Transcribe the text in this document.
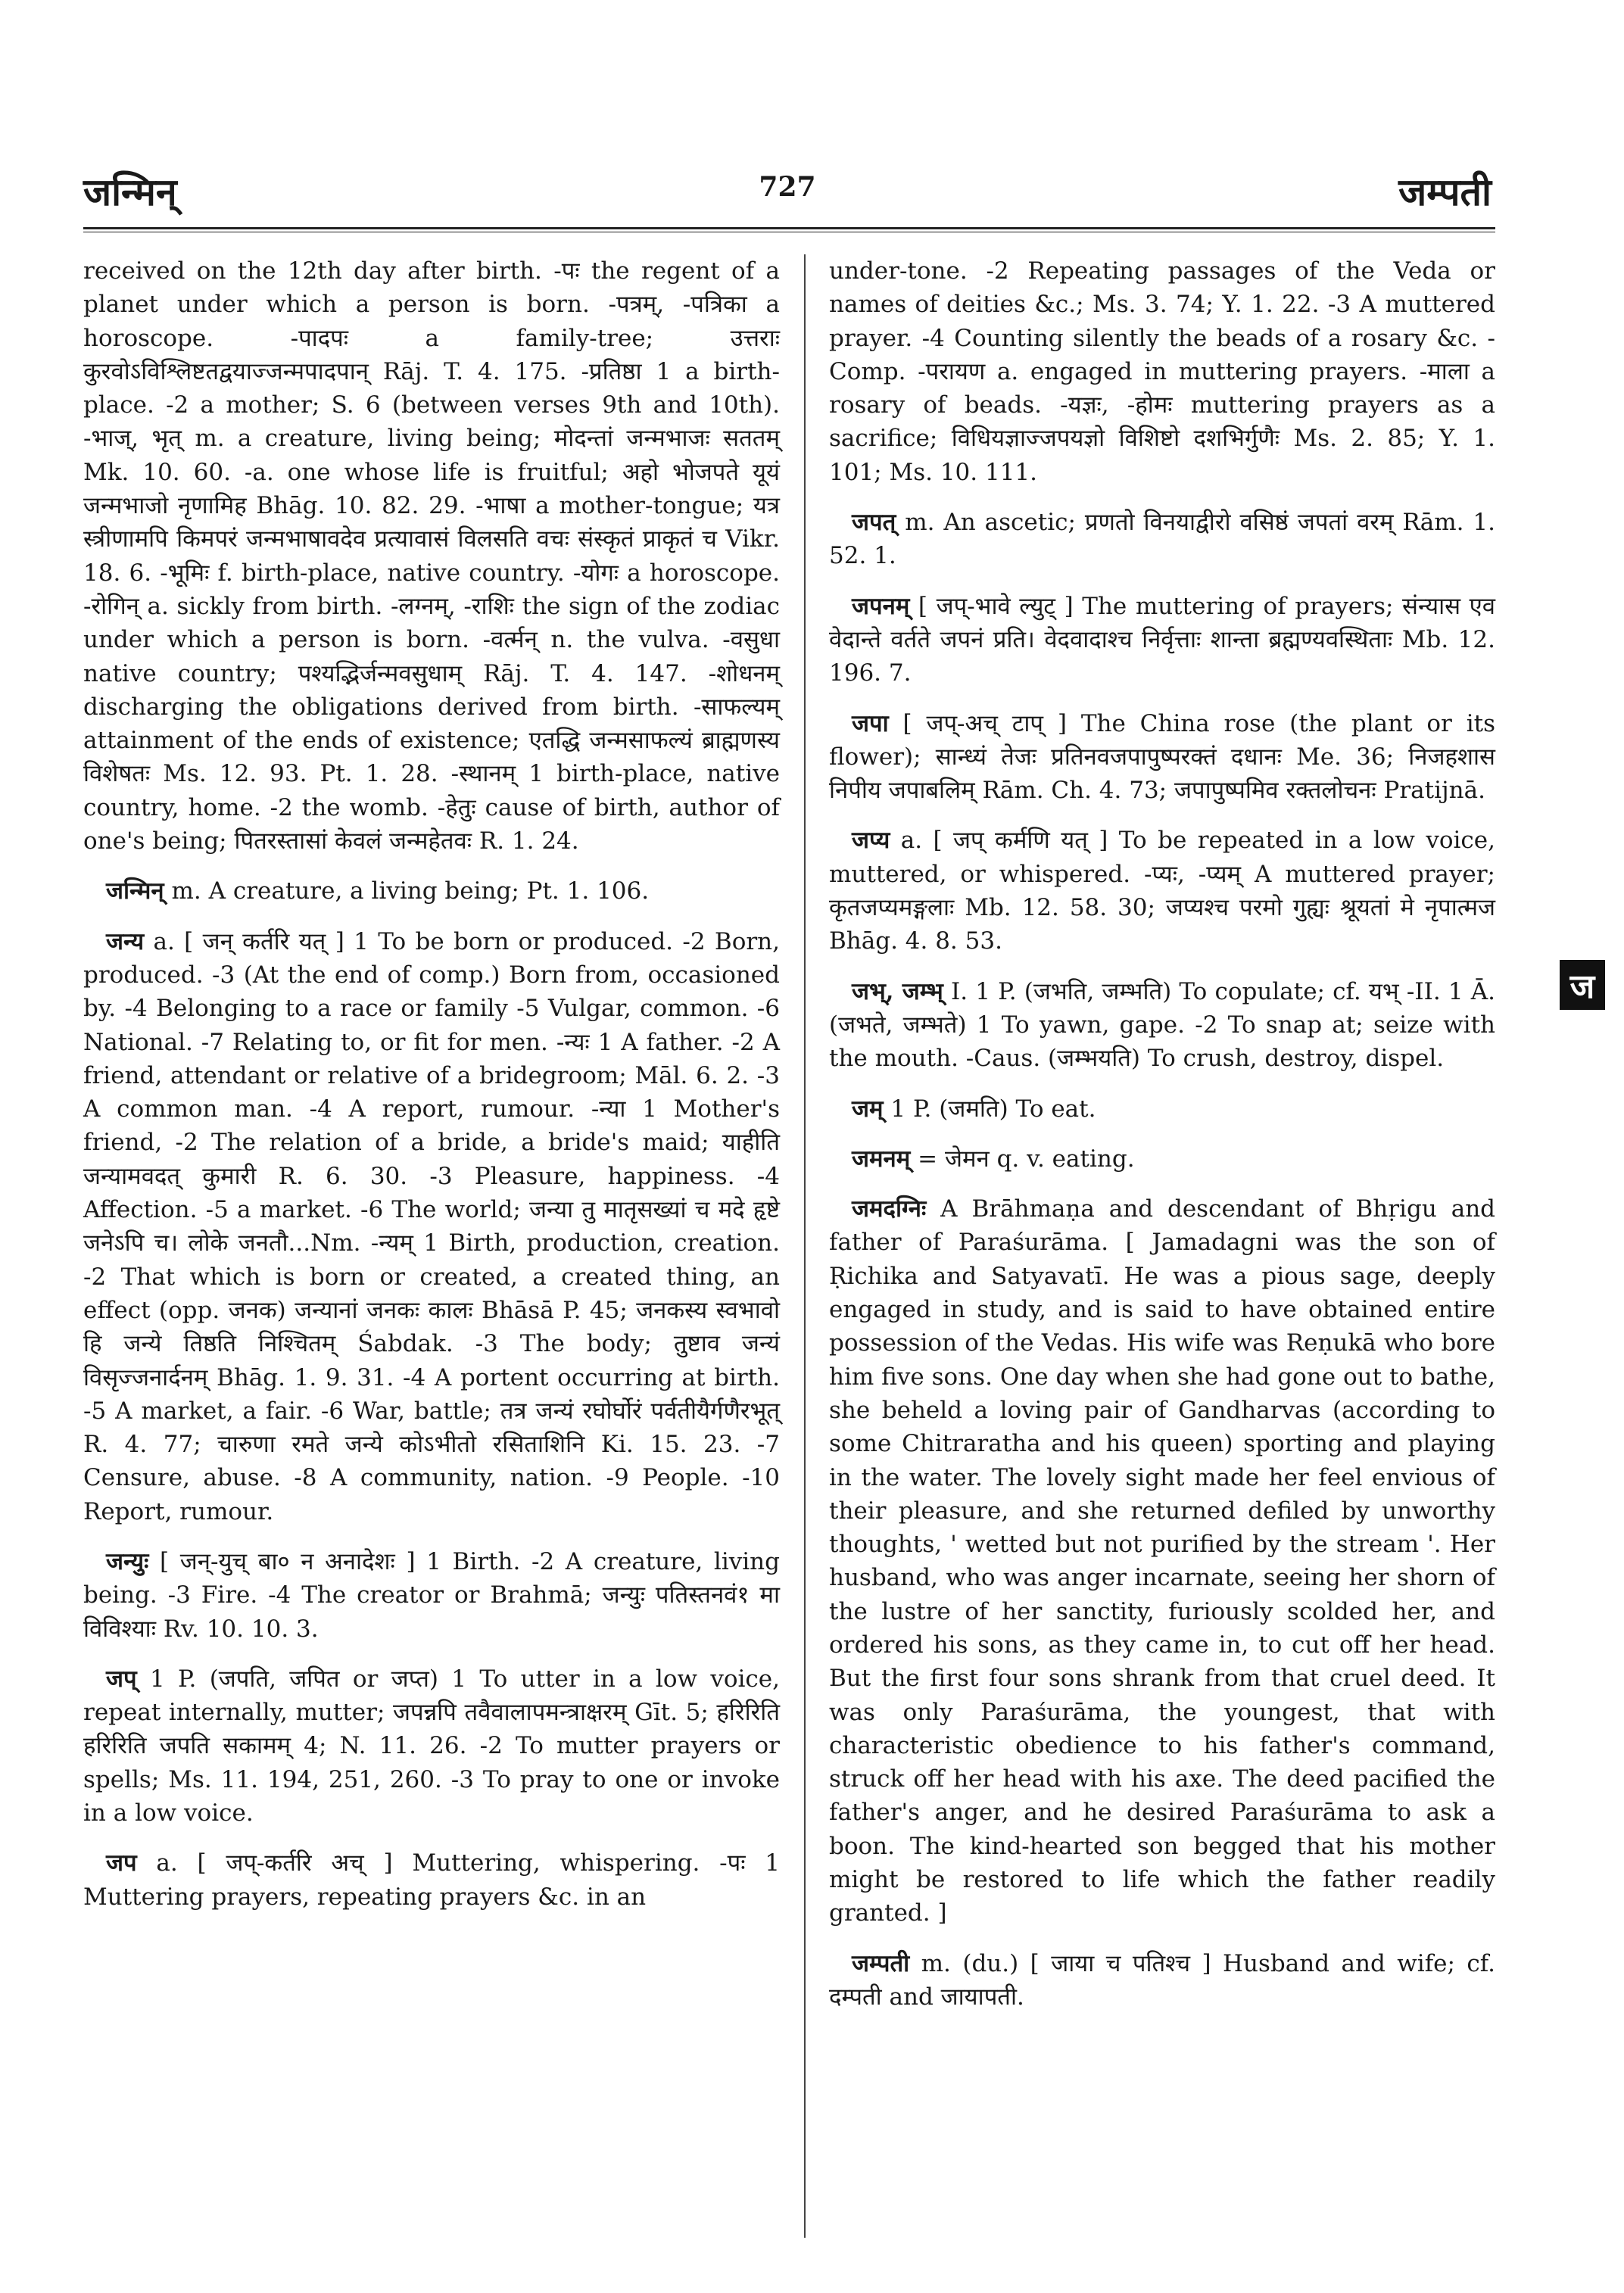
जन्मिन्	727	जम्पती

received on the 12th day after birth. -पः the regent of a planet under which a person is born. -पत्रम्, -पत्रिका a horoscope. -पादपः a family-tree; उत्तराः कुरवोऽविश्लिष्टतद्वयाज्जन्मपादपान् Rāj. T. 4. 175. -प्रतिष्ठा 1 a birth-place. -2 a mother; S. 6 (between verses 9th and 10th). -भाज्, भृत् m. a creature, living being; मोदन्तां जन्मभाजः सततम् Mk. 10. 60. -a. one whose life is fruitful; अहो भोजपते यूयं जन्मभाजो नृणामिह Bhāg. 10. 82. 29. -भाषा a mother-tongue; यत्र स्त्रीणामपि किमपरं जन्मभाषावदेव प्रत्यावासं विलसति वचः संस्कृतं प्राकृतं च Vikr. 18. 6. -भूमिः f. birth-place, native country. -योगः a horoscope. -रोगिन् a. sickly from birth. -लग्नम्, -राशिः the sign of the zodiac under which a person is born. -वर्त्मन् n. the vulva. -वसुधा native country; पश्यद्भिर्जन्मवसुधाम् Rāj. T. 4. 147. -शोधनम् discharging the obligations derived from birth. -साफल्यम् attainment of the ends of existence; एतद्धि जन्मसाफल्यं ब्राह्मणस्य विशेषतः Ms. 12. 93. Pt. 1. 28. -स्थानम् 1 birth-place, native country, home. -2 the womb. -हेतुः cause of birth, author of one's being; पितरस्तासां केवलं जन्महेतवः R. 1. 24.

जन्मिन् m. A creature, a living being; Pt. 1. 106.

जन्य a. [ जन् कर्तरि यत् ] 1 To be born or produced. -2 Born, produced. -3 (At the end of comp.) Born from, occasioned by. -4 Belonging to a race or family -5 Vulgar, common. -6 National. -7 Relating to, or fit for men. -न्यः 1 A father. -2 A friend, attendant or relative of a bridegroom; Māl. 6. 2. -3 A common man. -4 A report, rumour. -न्या 1 Mother's friend, -2 The relation of a bride, a bride's maid; याहीति जन्यामवदत् कुमारी R. 6. 30. -3 Pleasure, happiness. -4 Affection. -5 a market. -6 The world; जन्या तु मातृसख्यां च मदे हृष्टे जनेऽपि च। लोके जनतौ...Nm. -न्यम् 1 Birth, production, creation. -2 That which is born or created, a created thing, an effect (opp. जनक) जन्यानां जनकः कालः Bhāsā P. 45; जनकस्य स्वभावो हि जन्ये तिष्ठति निश्चितम् Śabdak. -3 The body; तुष्टाव जन्यं विसृज्जनार्दनम् Bhāg. 1. 9. 31. -4 A portent occurring at birth. -5 A market, a fair. -6 War, battle; तत्र जन्यं रघोर्घोरं पर्वतीयैर्गणैरभूत् R. 4. 77; चारुणा रमते जन्ये कोऽभीतो रसिताशिनि Ki. 15. 23. -7 Censure, abuse. -8 A community, nation. -9 People. -10 Report, rumour.

जन्युः [ जन्-युच् बा० न अनादेशः ] 1 Birth. -2 A creature, living being. -3 Fire. -4 The creator or Brahmā; जन्युः पतिस्तनवं१ मा विविश्याः Rv. 10. 10. 3.

जप् 1 P. (जपति, जपित or जप्त) 1 To utter in a low voice, repeat internally, mutter; जपन्नपि तवैवालापमन्त्राक्षरम् Gīt. 5; हरिरिति हरिरिति जपति सकामम् 4; N. 11. 26. -2 To mutter prayers or spells; Ms. 11. 194, 251, 260. -3 To pray to one or invoke in a low voice.

जप a. [ जप्-कर्तरि अच् ] Muttering, whispering. -पः 1 Muttering prayers, repeating prayers &c. in an

under-tone. -2 Repeating passages of the Veda or names of deities &c.; Ms. 3. 74; Y. 1. 22. -3 A muttered prayer. -4 Counting silently the beads of a rosary &c. -Comp. -परायण a. engaged in muttering prayers. -माला a rosary of beads. -यज्ञः, -होमः muttering prayers as a sacrifice; विधियज्ञाज्जपयज्ञो विशिष्टो दशभिर्गुणैः Ms. 2. 85; Y. 1. 101; Ms. 10. 111.

जपत् m. An ascetic; प्रणतो विनयाद्वीरो वसिष्ठं जपतां वरम् Rām. 1. 52. 1.

जपनम् [ जप्-भावे ल्युट् ] The muttering of prayers; संन्यास एव वेदान्ते वर्तते जपनं प्रति। वेदवादाश्च निर्वृत्ताः शान्ता ब्रह्मण्यवस्थिताः Mb. 12. 196. 7.

जपा [ जप्-अच् टाप् ] The China rose (the plant or its flower); सान्ध्यं तेजः प्रतिनवजपापुष्परक्तं दधानः Me. 36; निजहशास निपीय जपाबलिम् Rām. Ch. 4. 73; जपापुष्पमिव रक्तलोचनः Pratijnā.

जप्य a. [ जप् कर्मणि यत् ] To be repeated in a low voice, muttered, or whispered. -प्यः, -प्यम् A muttered prayer; कृतजप्यमङ्गलाः Mb. 12. 58. 30; जप्यश्च परमो गुह्यः श्रूयतां मे नृपात्मज Bhāg. 4. 8. 53.

जभ्, जम्भ् I. 1 P. (जभति, जम्भति) To copulate; cf. यभ् -II. 1 Ā. (जभते, जम्भते) 1 To yawn, gape. -2 To snap at; seize with the mouth. -Caus. (जम्भयति) To crush, destroy, dispel.

जम् 1 P. (जमति) To eat.

जमनम् = जेमन q. v. eating.

जमदग्निः A Brāhmaṇa and descendant of Bhṛigu and father of Paraśurāma. [ Jamadagni was the son of Ṛichika and Satyavatī. He was a pious sage, deeply engaged in study, and is said to have obtained entire possession of the Vedas. His wife was Reṇukā who bore him five sons. One day when she had gone out to bathe, she beheld a loving pair of Gandharvas (according to some Chitraratha and his queen) sporting and playing in the water. The lovely sight made her feel envious of their pleasure, and she returned defiled by unworthy thoughts, ' wetted but not purified by the stream '. Her husband, who was anger incarnate, seeing her shorn of the lustre of her sanctity, furiously scolded her, and ordered his sons, as they came in, to cut off her head. But the first four sons shrank from that cruel deed. It was only Paraśurāma, the youngest, that with characteristic obedience to his father's command, struck off her head with his axe. The deed pacified the father's anger, and he desired Paraśurāma to ask a boon. The kind-hearted son begged that his mother might be restored to life which the father readily granted. ]

जम्पती m. (du.) [ जाया च पतिश्च ] Husband and wife; cf. दम्पती and जायापती.

ज
